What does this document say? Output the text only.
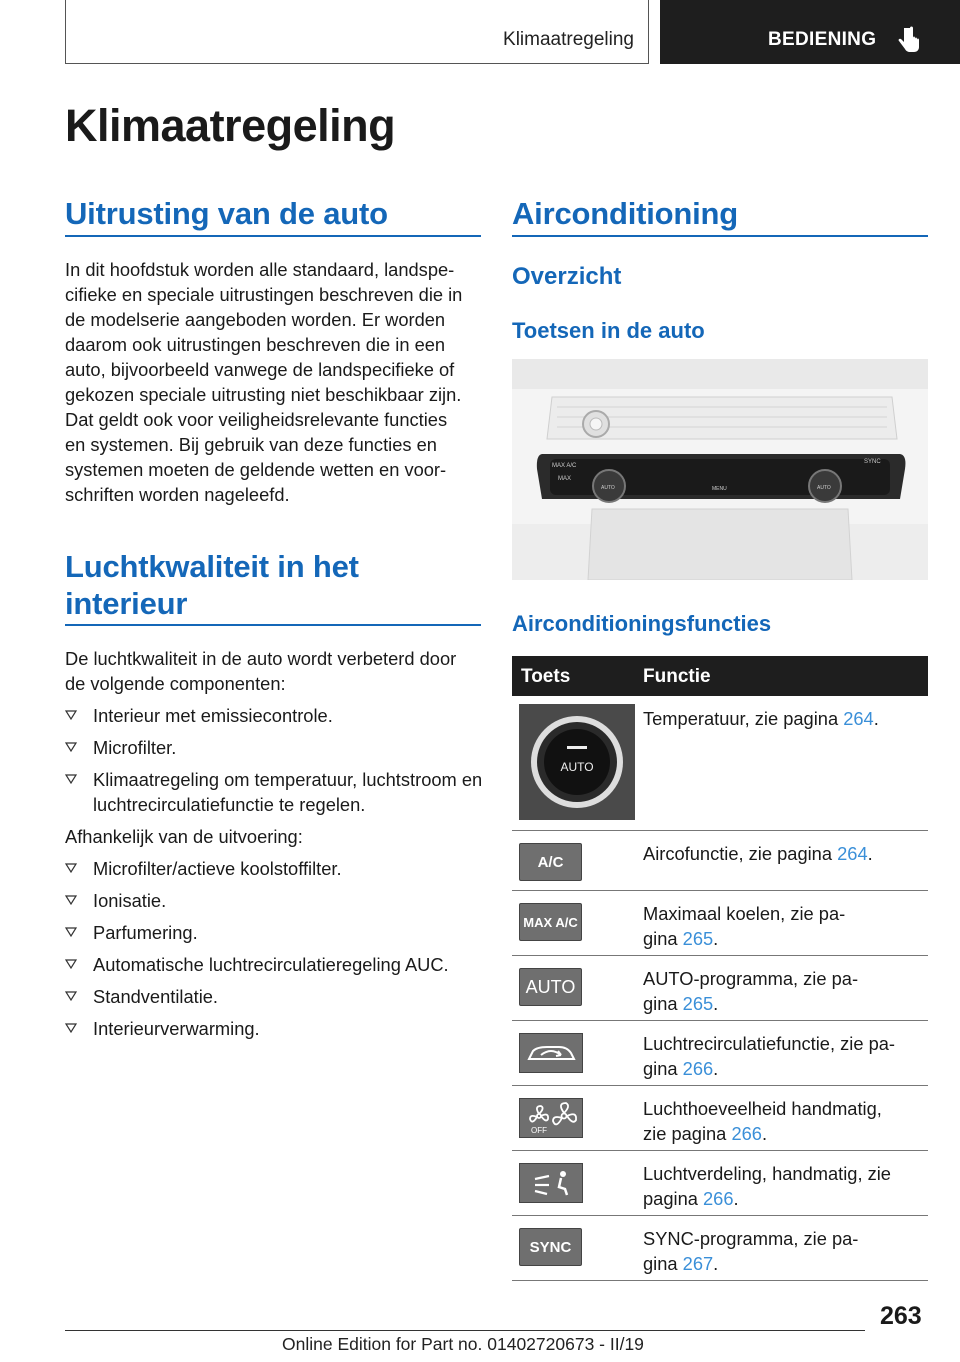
Klimaatregeling	BEDIENING
Klimaatregeling
Uitrusting van de auto
In dit hoofdstuk worden alle standaard, landspe‐
cifieke en speciale uitrustingen beschreven die in
de modelserie aangeboden worden. Er worden
daarom ook uitrustingen beschreven die in een
auto, bijvoorbeeld vanwege de landspecifieke of
gekozen speciale uitrusting niet beschikbaar zijn.
Dat geldt ook voor veiligheidsrelevante functies
en systemen. Bij gebruik van deze functies en
systemen moeten de geldende wetten en voor‐
schriften worden nageleefd.
Luchtkwaliteit in het
interieur
De luchtkwaliteit in de auto wordt verbeterd door
de volgende componenten:
Interieur met emissiecontrole.
Microfilter.
Klimaatregeling om temperatuur, luchtstroom en luchtrecirculatiefunctie te regelen.
Afhankelijk van de uitvoering:
Microfilter/actieve koolstoffilter.
Ionisatie.
Parfumering.
Automatische luchtrecirculatieregeling AUC.
Standventilatie.
Interieurverwarming.
Airconditioning
Overzicht
Toetsen in de auto
MAX A/C
MAX
AUTO	AUTO
MENU
SYNC
Airconditioningsfuncties
Toets	Functie
AUTO
Temperatuur, zie pagina 264.
A/C	Aircofunctie, zie pagina 264.
MAX A/C	Maximaal koelen, zie pa‐
gina 265.
AUTO	AUTO-programma, zie pa‐
gina 265.
Luchtrecirculatiefunctie, zie pa‐
gina 266.
OFF
Luchthoeveelheid handmatig,
zie pagina 266.
Luchtverdeling, handmatig, zie
pagina 266.
SYNC	SYNC-programma, zie pa‐
gina 267.
263
Online Edition for Part no. 01402720673 - II/19
